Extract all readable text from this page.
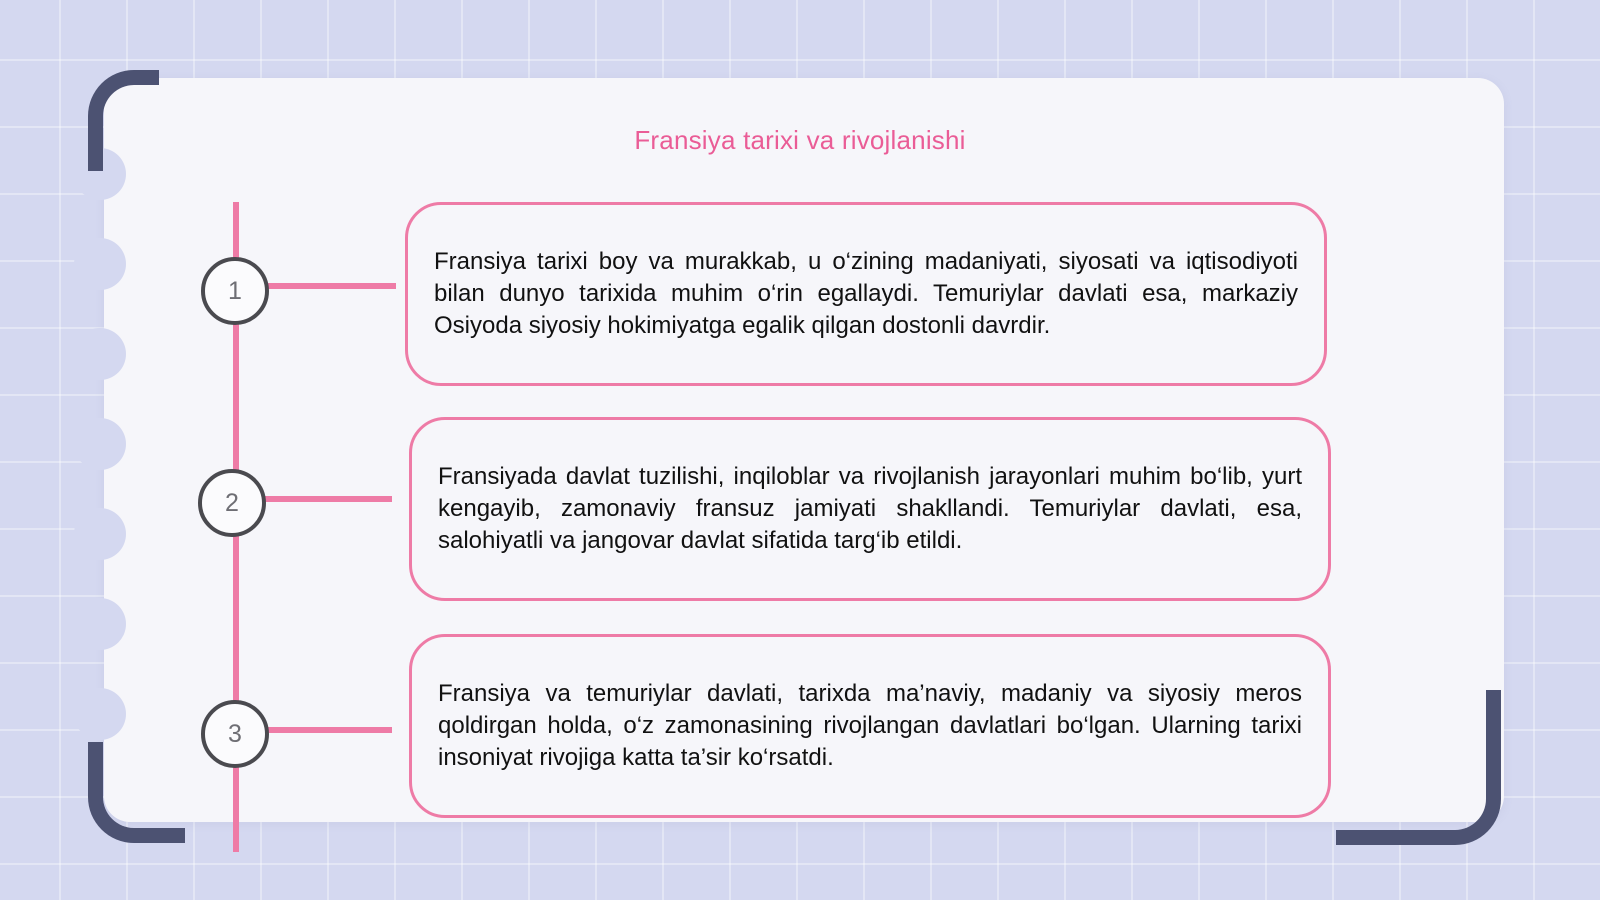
Fransiya tarixi va rivojlanishi
1
2
3

Fransiya tarixi boy va murakkab, u o‘zining madaniyati, siyosati va iqtisodiyoti bilan dunyo tarixida muhim o‘rin egallaydi. Temuriylar davlati esa, markaziy Osiyoda siyosiy hokimiyatga egalik qilgan dostonli davrdir.

Fransiyada davlat tuzilishi, inqiloblar va rivojlanish jarayonlari muhim bo‘lib, yurt kengayib, zamonaviy fransuz jamiyati shakllandi. Temuriylar davlati, esa, salohiyatli va jangovar davlat sifatida targ‘ib etildi.

Fransiya va temuriylar davlati, tarixda ma’naviy, madaniy va siyosiy meros qoldirgan holda, o‘z zamonasining rivojlangan davlatlari bo‘lgan. Ularning tarixi insoniyat rivojiga katta ta’sir ko‘rsatdi.
